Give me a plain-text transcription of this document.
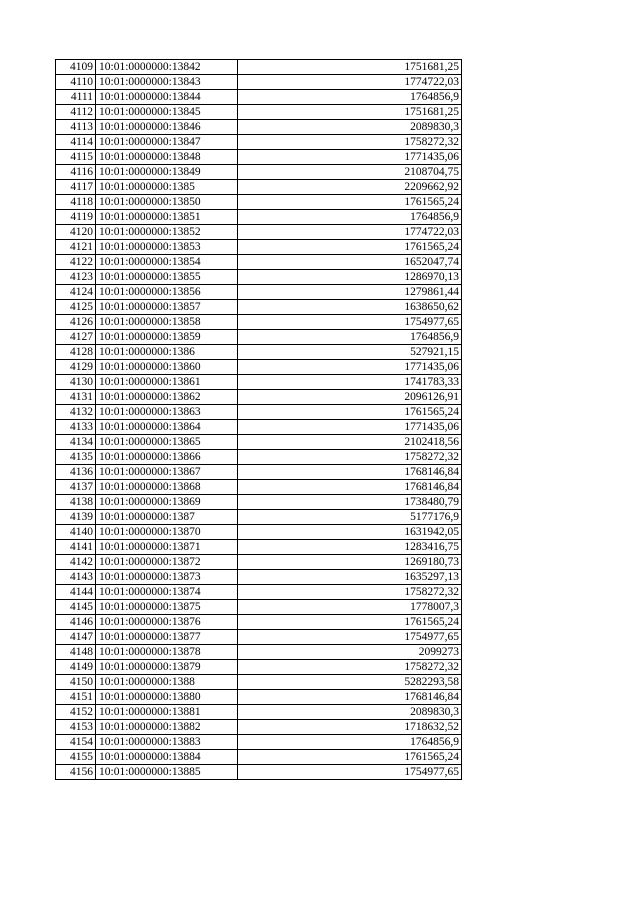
4109	10:01:0000000:13842	1751681,25
4110	10:01:0000000:13843	1774722,03
4111	10:01:0000000:13844	1764856,9
4112	10:01:0000000:13845	1751681,25
4113	10:01:0000000:13846	2089830,3
4114	10:01:0000000:13847	1758272,32
4115	10:01:0000000:13848	1771435,06
4116	10:01:0000000:13849	2108704,75
4117	10:01:0000000:1385	2209662,92
4118	10:01:0000000:13850	1761565,24
4119	10:01:0000000:13851	1764856,9
4120	10:01:0000000:13852	1774722,03
4121	10:01:0000000:13853	1761565,24
4122	10:01:0000000:13854	1652047,74
4123	10:01:0000000:13855	1286970,13
4124	10:01:0000000:13856	1279861,44
4125	10:01:0000000:13857	1638650,62
4126	10:01:0000000:13858	1754977,65
4127	10:01:0000000:13859	1764856,9
4128	10:01:0000000:1386	527921,15
4129	10:01:0000000:13860	1771435,06
4130	10:01:0000000:13861	1741783,33
4131	10:01:0000000:13862	2096126,91
4132	10:01:0000000:13863	1761565,24
4133	10:01:0000000:13864	1771435,06
4134	10:01:0000000:13865	2102418,56
4135	10:01:0000000:13866	1758272,32
4136	10:01:0000000:13867	1768146,84
4137	10:01:0000000:13868	1768146,84
4138	10:01:0000000:13869	1738480,79
4139	10:01:0000000:1387	5177176,9
4140	10:01:0000000:13870	1631942,05
4141	10:01:0000000:13871	1283416,75
4142	10:01:0000000:13872	1269180,73
4143	10:01:0000000:13873	1635297,13
4144	10:01:0000000:13874	1758272,32
4145	10:01:0000000:13875	1778007,3
4146	10:01:0000000:13876	1761565,24
4147	10:01:0000000:13877	1754977,65
4148	10:01:0000000:13878	2099273
4149	10:01:0000000:13879	1758272,32
4150	10:01:0000000:1388	5282293,58
4151	10:01:0000000:13880	1768146,84
4152	10:01:0000000:13881	2089830,3
4153	10:01:0000000:13882	1718632,52
4154	10:01:0000000:13883	1764856,9
4155	10:01:0000000:13884	1761565,24
4156	10:01:0000000:13885	1754977,65
